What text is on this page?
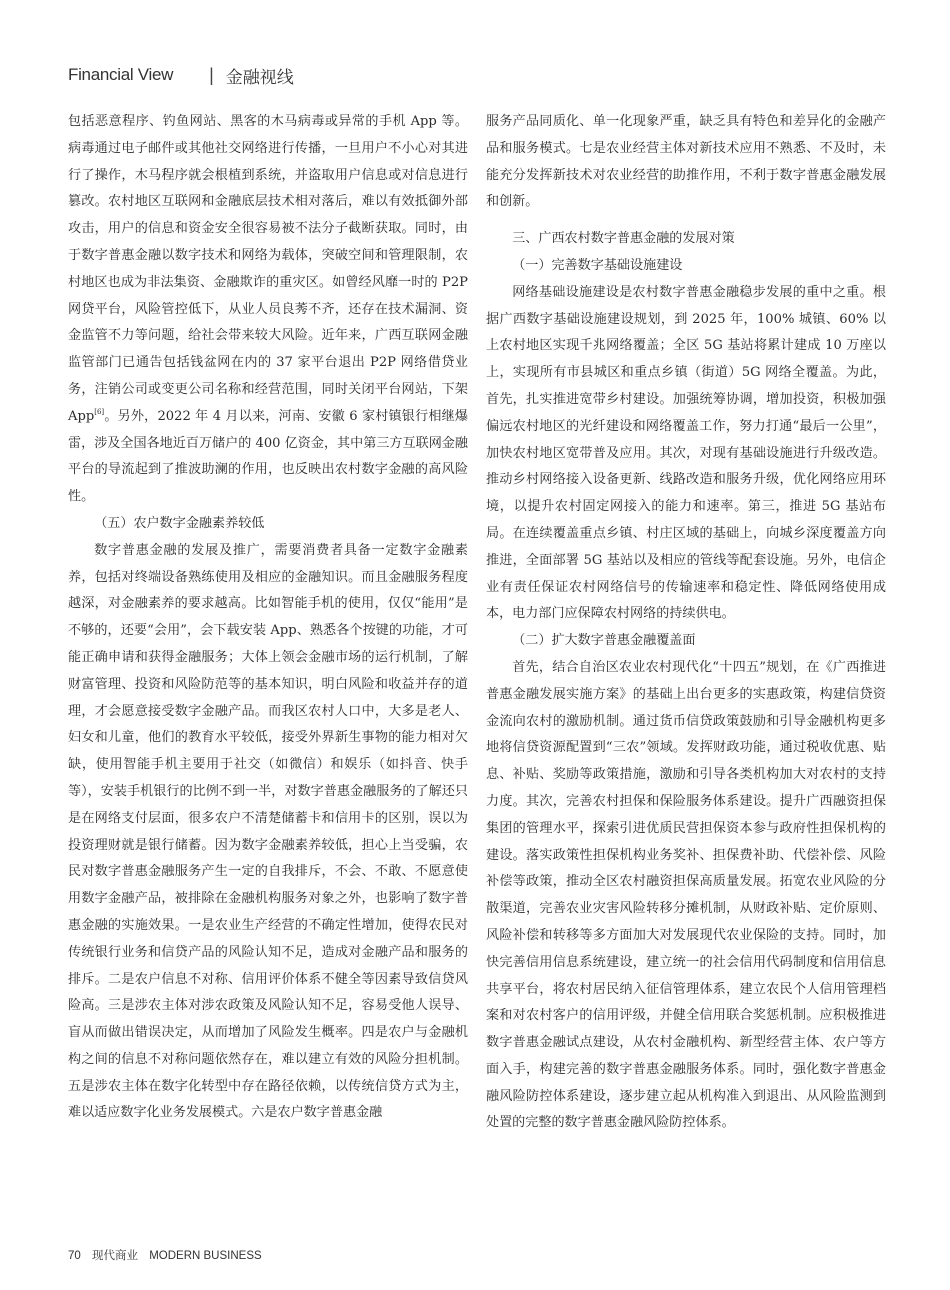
Financial View | 金融视线

包括恶意程序、钓鱼网站、黑客的木马病毒或异常的手机 App 等。病毒通过电子邮件或其他社交网络进行传播，一旦用户不小心对其进行了操作，木马程序就会根植到系统，并盗取用户信息或对信息进行篡改。农村地区互联网和金融底层技术相对落后，难以有效抵御外部攻击，用户的信息和资金安全很容易被不法分子截断获取。同时，由于数字普惠金融以数字技术和网络为载体，突破空间和管理限制，农村地区也成为非法集资、金融欺诈的重灾区。如曾经风靡一时的 P2P 网贷平台，风险管控低下，从业人员良莠不齐，还存在技术漏洞、资金监管不力等问题，给社会带来较大风险。近年来，广西互联网金融监管部门已通告包括钱盆网在内的 37 家平台退出 P2P 网络借贷业务，注销公司或变更公司名称和经营范围，同时关闭平台网站，下架 App[6]。另外，2022 年 4 月以来，河南、安徽 6 家村镇银行相继爆雷，涉及全国各地近百万储户的 400 亿资金，其中第三方互联网金融平台的导流起到了推波助澜的作用，也反映出农村数字金融的高风险性。

（五）农户数字金融素养较低

数字普惠金融的发展及推广，需要消费者具备一定数字金融素养，包括对终端设备熟练使用及相应的金融知识。而且金融服务程度越深，对金融素养的要求越高。比如智能手机的使用，仅仅“能用”是不够的，还要“会用”，会下载安装 App、熟悉各个按键的功能，才可能正确申请和获得金融服务；大体上领会金融市场的运行机制，了解财富管理、投资和风险防范等的基本知识，明白风险和收益并存的道理，才会愿意接受数字金融产品。而我区农村人口中，大多是老人、妇女和儿童，他们的教育水平较低，接受外界新生事物的能力相对欠缺，使用智能手机主要用于社交（如微信）和娱乐（如抖音、快手等），安装手机银行的比例不到一半，对数字普惠金融服务的了解还只是在网络支付层面，很多农户不清楚储蓄卡和信用卡的区别，误以为投资理财就是银行储蓄。因为数字金融素养较低，担心上当受骗，农民对数字普惠金融服务产生一定的自我排斥，不会、不敢、不愿意使用数字金融产品，被排除在金融机构服务对象之外，也影响了数字普惠金融的实施效果。一是农业生产经营的不确定性增加，使得农民对传统银行业务和信贷产品的风险认知不足，造成对金融产品和服务的排斥。二是农户信息不对称、信用评价体系不健全等因素导致信贷风险高。三是涉农主体对涉农政策及风险认知不足，容易受他人误导、盲从而做出错误决定，从而增加了风险发生概率。四是农户与金融机构之间的信息不对称问题依然存在，难以建立有效的风险分担机制。五是涉农主体在数字化转型中存在路径依赖，以传统信贷方式为主，难以适应数字化业务发展模式。六是农户数字普惠金融

服务产品同质化、单一化现象严重，缺乏具有特色和差异化的金融产品和服务模式。七是农业经营主体对新技术应用不熟悉、不及时，未能充分发挥新技术对农业经营的助推作用，不利于数字普惠金融发展和创新。

三、广西农村数字普惠金融的发展对策
（一）完善数字基础设施建设

网络基础设施建设是农村数字普惠金融稳步发展的重中之重。根据广西数字基础设施建设规划，到 2025 年，100% 城镇、60% 以上农村地区实现千兆网络覆盖；全区 5G 基站将累计建成 10 万座以上，实现所有市县城区和重点乡镇（街道）5G 网络全覆盖。为此，首先，扎实推进宽带乡村建设。加强统筹协调，增加投资，积极加强偏远农村地区的光纤建设和网络覆盖工作，努力打通“最后一公里”，加快农村地区宽带普及应用。其次，对现有基础设施进行升级改造。推动乡村网络接入设备更新、线路改造和服务升级，优化网络应用环境，以提升农村固定网接入的能力和速率。第三，推进 5G 基站布局。在连续覆盖重点乡镇、村庄区域的基础上，向城乡深度覆盖方向推进，全面部署 5G 基站以及相应的管线等配套设施。另外，电信企业有责任保证农村网络信号的传输速率和稳定性、降低网络使用成本，电力部门应保障农村网络的持续供电。

（二）扩大数字普惠金融覆盖面

首先，结合自治区农业农村现代化“十四五”规划，在《广西推进普惠金融发展实施方案》的基础上出台更多的实惠政策，构建信贷资金流向农村的激励机制。通过货币信贷政策鼓励和引导金融机构更多地将信贷资源配置到“三农”领域。发挥财政功能，通过税收优惠、贴息、补贴、奖励等政策措施，激励和引导各类机构加大对农村的支持力度。其次，完善农村担保和保险服务体系建设。提升广西融资担保集团的管理水平，探索引进优质民营担保资本参与政府性担保机构的建设。落实政策性担保机构业务奖补、担保费补助、代偿补偿、风险补偿等政策，推动全区农村融资担保高质量发展。拓宽农业风险的分散渠道，完善农业灾害风险转移分摊机制，从财政补贴、定价原则、风险补偿和转移等多方面加大对发展现代农业保险的支持。同时，加快完善信用信息系统建设，建立统一的社会信用代码制度和信用信息共享平台，将农村居民纳入征信管理体系，建立农民个人信用管理档案和对农村客户的信用评级，并健全信用联合奖惩机制。应积极推进数字普惠金融试点建设，从农村金融机构、新型经营主体、农户等方面入手，构建完善的数字普惠金融服务体系。同时，强化数字普惠金融风险防控体系建设，逐步建立起从机构准入到退出、从风险监测到处置的完整的数字普惠金融风险防控体系。

70 现代商业 MODERN BUSINESS
